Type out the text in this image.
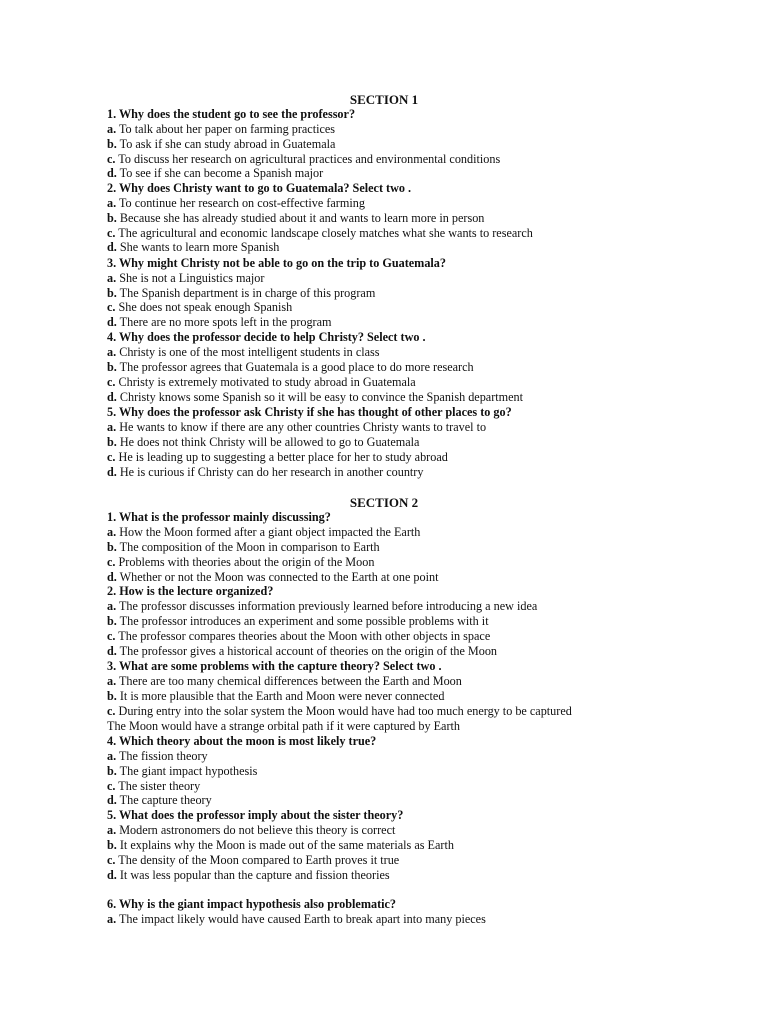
SECTION 1
1. Why does the student go to see the professor?
a. To talk about her paper on farming practices
b. To ask if she can study abroad in Guatemala
c. To discuss her research on agricultural practices and environmental conditions
d. To see if she can become a Spanish major
2. Why does Christy want to go to Guatemala? Select two .
a. To continue her research on cost-effective farming
b. Because she has already studied about it and wants to learn more in person
c. The agricultural and economic landscape closely matches what she wants to research
d. She wants to learn more Spanish
3. Why might Christy not be able to go on the trip to Guatemala?
a. She is not a Linguistics major
b. The Spanish department is in charge of this program
c. She does not speak enough Spanish
d. There are no more spots left in the program
4. Why does the professor decide to help Christy? Select two .
a. Christy is one of the most intelligent students in class
b. The professor agrees that Guatemala is a good place to do more research
c. Christy is extremely motivated to study abroad in Guatemala
d. Christy knows some Spanish so it will be easy to convince the Spanish department
5. Why does the professor ask Christy if she has thought of other places to go?
a. He wants to know if there are any other countries Christy wants to travel to
b. He does not think Christy will be allowed to go to Guatemala
c. He is leading up to suggesting a better place for her to study abroad
d. He is curious if Christy can do her research in another country
SECTION 2
1. What is the professor mainly discussing?
a. How the Moon formed after a giant object impacted the Earth
b. The composition of the Moon in comparison to Earth
c. Problems with theories about the origin of the Moon
d. Whether or not the Moon was connected to the Earth at one point
2. How is the lecture organized?
a. The professor discusses information previously learned before introducing a new idea
b. The professor introduces an experiment and some possible problems with it
c. The professor compares theories about the Moon with other objects in space
d. The professor gives a historical account of theories on the origin of the Moon
3. What are some problems with the capture theory? Select two .
a. There are too many chemical differences between the Earth and Moon
b. It is more plausible that the Earth and Moon were never connected
c. During entry into the solar system the Moon would have had too much energy to be captured
The Moon would have a strange orbital path if it were captured by Earth
4. Which theory about the moon is most likely true?
a. The fission theory
b. The giant impact hypothesis
c. The sister theory
d. The capture theory
5. What does the professor imply about the sister theory?
a. Modern astronomers do not believe this theory is correct
b. It explains why the Moon is made out of the same materials as Earth
c. The density of the Moon compared to Earth proves it true
d. It was less popular than the capture and fission theories
6. Why is the giant impact hypothesis also problematic?
a. The impact likely would have caused Earth to break apart into many pieces
